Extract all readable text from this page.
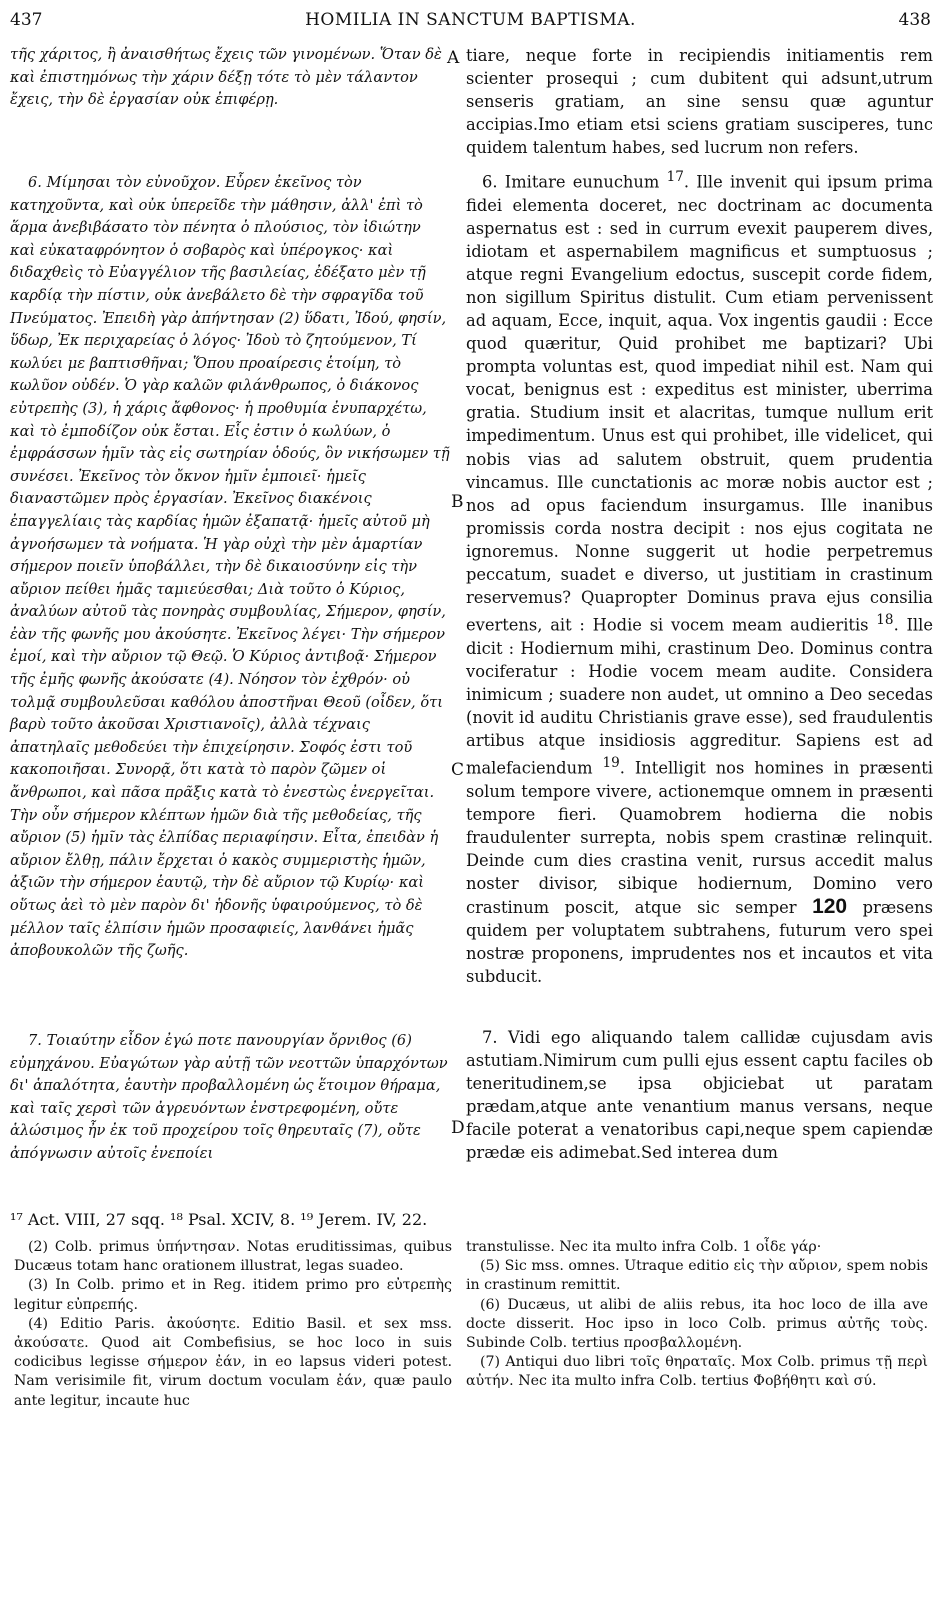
437	HOMILIA IN SANCTUM BAPTISMA.	438

τῆς χάριτος, ἢ ἀναισθήτως ἔχεις τῶν γινομένων. Ὅταν δὲ καὶ ἐπιστημόνως τὴν χάριν δέξῃ τότε τὸ μὲν τάλαντον ἔχεις, τὴν δὲ ἐργασίαν οὐκ ἐπιφέρῃ.

6. Μίμησαι τὸν εὐνοῦχον. Εὗρεν ἐκεῖνος τὸν κατηχοῦντα, καὶ οὐκ ὑπερεῖδε τὴν μάθησιν, ἀλλ' ἐπὶ τὸ ἅρμα ἀνεβιβάσατο τὸν πένητα ὁ πλούσιος, τὸν ἰδιώτην καὶ εὐκαταφρόνητον ὁ σοβαρὸς καὶ ὑπέρογκος· καὶ διδαχθεὶς τὸ Εὐαγγέλιον τῆς βασιλείας, ἐδέξατο μὲν τῇ καρδίᾳ τὴν πίστιν, οὐκ ἀνεβάλετο δὲ τὴν σφραγῖδα τοῦ Πνεύματος. Ἐπειδὴ γὰρ ἀπήντησαν (2) ὕδατι, Ἰδού, φησίν, ὕδωρ, Ἐκ περιχαρείας ὁ λόγος· Ἰδοὺ τὸ ζητούμενον, Τί κωλύει με βαπτισθῆναι; Ὅπου προαίρεσις ἑτοίμη, τὸ κωλῦον οὐδέν. Ὁ γὰρ καλῶν φιλάνθρωπος, ὁ διάκονος εὐτρεπὴς (3), ἡ χάρις ἄφθονος· ἡ προθυμία ἐνυπαρχέτω, καὶ τὸ ἐμποδίζον οὐκ ἔσται. Εἷς ἐστιν ὁ κωλύων, ὁ ἐμφράσσων ἡμῖν τὰς εἰς σωτηρίαν ὁδούς, ὃν νικήσωμεν τῇ συνέσει. Ἐκεῖνος τὸν ὄκνον ἡμῖν ἐμποιεῖ· ἡμεῖς διαναστῶμεν πρὸς ἐργασίαν. Ἐκεῖνος διακένοις ἐπαγγελίαις τὰς καρδίας ἡμῶν ἐξαπατᾷ· ἡμεῖς αὐτοῦ μὴ ἀγνοήσωμεν τὰ νοήματα. Ἡ γὰρ οὐχὶ τὴν μὲν ἁμαρτίαν σήμερον ποιεῖν ὑποβάλλει, τὴν δὲ δικαιοσύνην εἰς τὴν αὔριον πείθει ἡμᾶς ταμιεύεσθαι; Διὰ τοῦτο ὁ Κύριος, ἀναλύων αὐτοῦ τὰς πονηρὰς συμβουλίας, Σήμερον, φησίν, ἐὰν τῆς φωνῆς μου ἀκούσητε. Ἐκεῖνος λέγει· Τὴν σήμερον ἐμοί, καὶ τὴν αὔριον τῷ Θεῷ. Ὁ Κύριος ἀντιβοᾷ· Σήμερον τῆς ἐμῆς φωνῆς ἀκούσατε (4). Νόησον τὸν ἐχθρόν· οὐ τολμᾷ συμβουλεῦσαι καθόλου ἀποστῆναι Θεοῦ (οἶδεν, ὅτι βαρὺ τοῦτο ἀκοῦσαι Χριστιανοῖς), ἀλλὰ τέχναις ἀπατηλαῖς μεθοδεύει τὴν ἐπιχείρησιν. Σοφός ἐστι τοῦ κακοποιῆσαι. Συνορᾷ, ὅτι κατὰ τὸ παρὸν ζῶμεν οἱ ἄνθρωποι, καὶ πᾶσα πρᾶξις κατὰ τὸ ἐνεστὼς ἐνεργεῖται. Τὴν οὖν σήμερον κλέπτων ἡμῶν διὰ τῆς μεθοδείας, τῆς αὔριον (5) ἡμῖν τὰς ἐλπίδας περιαφίησιν. Εἶτα, ἐπειδὰν ἡ αὔριον ἔλθῃ, πάλιν ἔρχεται ὁ κακὸς συμμεριστὴς ἡμῶν, ἀξιῶν τὴν σήμερον ἑαυτῷ, τὴν δὲ αὔριον τῷ Κυρίῳ· καὶ οὕτως ἀεὶ τὸ μὲν παρὸν δι' ἡδονῆς ὑφαιρούμενος, τὸ δὲ μέλλον ταῖς ἐλπίσιν ἡμῶν προσαφιείς, λανθάνει ἡμᾶς ἀποβουκολῶν τῆς ζωῆς.

7. Τοιαύτην εἶδον ἐγώ ποτε πανουργίαν ὄρνιθος (6) εὐμηχάνου. Εὐαγώτων γὰρ αὐτῇ τῶν νεοττῶν ὑπαρχόντων δι' ἁπαλότητα, ἑαυτὴν προβαλλομένη ὡς ἕτοιμον θήραμα, καὶ ταῖς χερσὶ τῶν ἀγρευόντων ἐνστρεφομένη, οὔτε ἁλώσιμος ἦν ἐκ τοῦ προχείρου τοῖς θηρευταῖς (7), οὔτε ἀπόγνωσιν αὐτοῖς ἐνεποίει

A
B
C
D

tiare, neque forte in recipiendis initiamentis rem scienter prosequi ; cum dubitent qui adsunt,utrum senseris gratiam, an sine sensu quæ aguntur accipias.Imo etiam etsi sciens gratiam susciperes, tunc quidem talentum habes, sed lucrum non refers.

6. Imitare eunuchum $^{17}$. Ille invenit qui ipsum prima fidei elementa doceret, nec doctrinam ac documenta aspernatus est : sed in currum evexit pauperem dives, idiotam et aspernabilem magnificus et sumptuosus ; atque regni Evangelium edoctus, suscepit corde fidem, non sigillum Spiritus distulit. Cum etiam pervenissent ad aquam, Ecce, inquit, aqua. Vox ingentis gaudii : Ecce quod quæritur, Quid prohibet me baptizari? Ubi prompta voluntas est, quod impediat nihil est. Nam qui vocat, benignus est : expeditus est minister, uberrima gratia. Studium insit et alacritas, tumque nullum erit impedimentum. Unus est qui prohibet, ille videlicet, qui nobis vias ad salutem obstruit, quem prudentia vincamus. Ille cunctationis ac moræ nobis auctor est ; nos ad opus faciendum insurgamus. Ille inanibus promissis corda nostra decipit : nos ejus cogitata ne ignoremus. Nonne suggerit ut hodie perpetremus peccatum, suadet e diverso, ut justitiam in crastinum reservemus? Quapropter Dominus prava ejus consilia evertens, ait : Hodie si vocem meam audieritis $^{18}$. Ille dicit : Hodiernum mihi, crastinum Deo. Dominus contra vociferatur : Hodie vocem meam audite. Considera inimicum ; suadere non audet, ut omnino a Deo secedas (novit id auditu Christianis grave esse), sed fraudulentis artibus atque insidiosis aggreditur. Sapiens est ad malefaciendum $^{19}$. Intelligit nos homines in præsenti solum tempore vivere, actionemque omnem in præsenti tempore fieri. Quamobrem hodierna die nobis fraudulenter surrepta, nobis spem crastinæ relinquit. Deinde cum dies crastina venit, rursus accedit malus noster divisor, sibique hodiernum, Domino vero crastinum poscit, atque sic semper 120 præsens quidem per voluptatem subtrahens, futurum vero spei nostræ proponens, imprudentes nos et incautos et vita subducit.

7. Vidi ego aliquando talem callidæ cujusdam avis astutiam.Nimirum cum pulli ejus essent captu faciles ob teneritudinem,se ipsa objiciebat ut paratam prædam,atque ante venantium manus versans, neque facile poterat a venatoribus capi,neque spem capiendæ prædæ eis adimebat.Sed interea dum

¹⁷ Act. VIII, 27 sqq. ¹⁸ Psal. XCIV, 8. ¹⁹ Jerem. IV, 22.

(2) Colb. primus ὑπήντησαν. Notas eruditissimas, quibus Ducæus totam hanc orationem illustrat, legas suadeo.

(3) In Colb. primo et in Reg. itidem primo pro εὐτρεπὴς legitur εὐπρεπής.

(4) Editio Paris. ἀκούσητε. Editio Basil. et sex mss. ἀκούσατε. Quod ait Combefisius, se hoc loco in suis codicibus legisse σήμερον ἐάν, in eo lapsus videri potest. Nam verisimile fit, virum doctum voculam ἐάν, quæ paulo ante legitur, incaute huc

transtulisse. Nec ita multo infra Colb. 1 οἶδε γάρ·

(5) Sic mss. omnes. Utraque editio εἰς τὴν αὔριον, spem nobis in crastinum remittit.

(6) Ducæus, ut alibi de aliis rebus, ita hoc loco de illa ave docte disserit. Hoc ipso in loco Colb. primus αὐτῆς τοὺς. Subinde Colb. tertius προσβαλλομένη.

(7) Antiqui duo libri τοῖς θηραταῖς. Mox Colb. primus τῇ περὶ αὐτήν. Nec ita multo infra Colb. tertius Φοβήθητι καὶ σύ.
